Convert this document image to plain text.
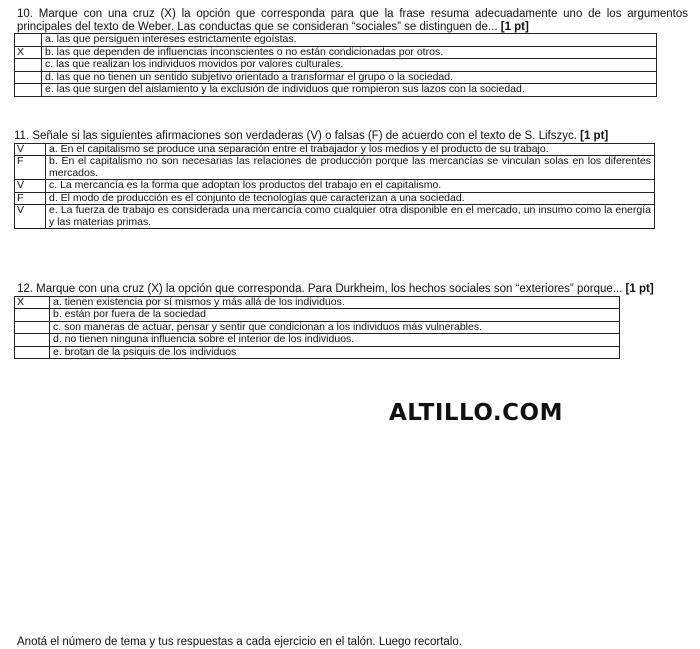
10. Marque con una cruz (X) la opción que corresponda para que la frase resuma adecuadamente uno de los argumentos principales del texto de Weber. Las conductas que se consideran “sociales” se distinguen de... [1 pt]
	a. las que persiguen intereses estrictamente egoístas.
X	b. las que dependen de influencias inconscientes o no están condicionadas por otros.
	c. las que realizan los individuos movidos por valores culturales.
	d. las que no tienen un sentido subjetivo orientado a transformar el grupo o la sociedad.
	e. las que surgen del aislamiento y la exclusión de individuos que rompieron sus lazos con la sociedad.
11. Señale si las siguientes afirmaciones son verdaderas (V) o falsas (F) de acuerdo con el texto de S. Lifszyc. [1 pt]
V	a. En el capitalismo se produce una separación entre el trabajador y los medios y el producto de su trabajo.
F	b. En el capitalismo no son necesarias las relaciones de producción porque las mercancías se vinculan solas en los diferentes mercados.
V	c. La mercancía es la forma que adoptan los productos del trabajo en el capitalismo.
F	d. El modo de producción es el conjunto de tecnologías que caracterizan a una sociedad.
V	e. La fuerza de trabajo es considerada una mercancía como cualquier otra disponible en el mercado, un insumo como la energía y las materias primas.
12. Marque con una cruz (X) la opción que corresponda. Para Durkheim, los hechos sociales son “exteriores” porque... [1 pt]
X	a. tienen existencia por sí mismos y más allá de los individuos.
	b. están por fuera de la sociedad
	c. son maneras de actuar, pensar y sentir que condicionan a los individuos más vulnerables.
	d. no tienen ninguna influencia sobre el interior de los individuos.
	e. brotan de la psiquis de los individuos
ALTILLO.COM
Anotá el número de tema y tus respuestas a cada ejercicio en el talón. Luego recortalo.
